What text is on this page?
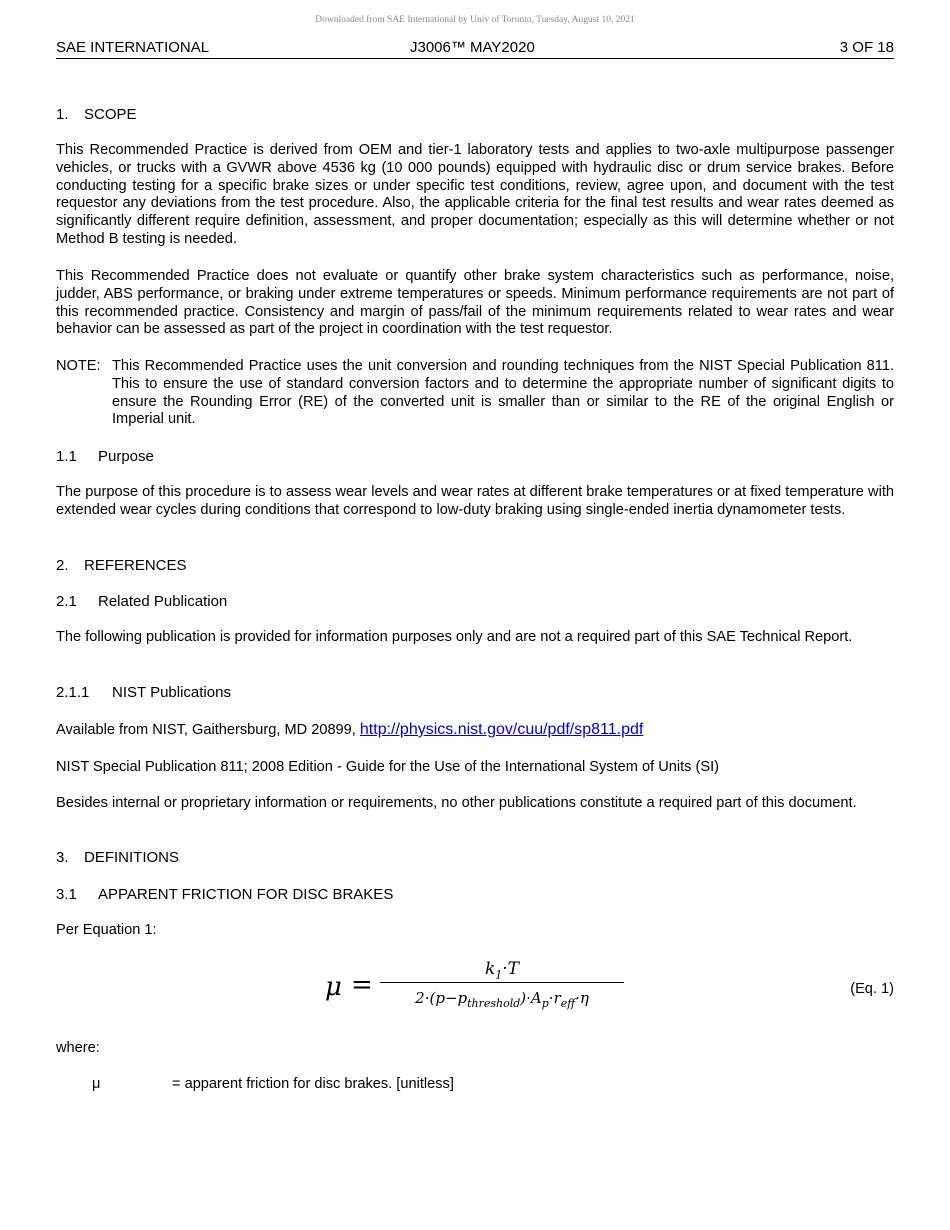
Downloaded from SAE International by Univ of Toronto, Tuesday, August 10, 2021
SAE INTERNATIONAL	J3006™ MAY2020	3 OF 18
1. SCOPE
This Recommended Practice is derived from OEM and tier-1 laboratory tests and applies to two-axle multipurpose passenger vehicles, or trucks with a GVWR above 4536 kg (10 000 pounds) equipped with hydraulic disc or drum service brakes. Before conducting testing for a specific brake sizes or under specific test conditions, review, agree upon, and document with the test requestor any deviations from the test procedure. Also, the applicable criteria for the final test results and wear rates deemed as significantly different require definition, assessment, and proper documentation; especially as this will determine whether or not Method B testing is needed.
This Recommended Practice does not evaluate or quantify other brake system characteristics such as performance, noise, judder, ABS performance, or braking under extreme temperatures or speeds. Minimum performance requirements are not part of this recommended practice. Consistency and margin of pass/fail of the minimum requirements related to wear rates and wear behavior can be assessed as part of the project in coordination with the test requestor.
NOTE: This Recommended Practice uses the unit conversion and rounding techniques from the NIST Special Publication 811. This to ensure the use of standard conversion factors and to determine the appropriate number of significant digits to ensure the Rounding Error (RE) of the converted unit is smaller than or similar to the RE of the original English or Imperial unit.
1.1 Purpose
The purpose of this procedure is to assess wear levels and wear rates at different brake temperatures or at fixed temperature with extended wear cycles during conditions that correspond to low-duty braking using single-ended inertia dynamometer tests.
2. REFERENCES
2.1 Related Publication
The following publication is provided for information purposes only and are not a required part of this SAE Technical Report.
2.1.1 NIST Publications
Available from NIST, Gaithersburg, MD 20899, http://physics.nist.gov/cuu/pdf/sp811.pdf
NIST Special Publication 811; 2008 Edition - Guide for the Use of the International System of Units (SI)
Besides internal or proprietary information or requirements, no other publications constitute a required part of this document.
3. DEFINITIONS
3.1 APPARENT FRICTION FOR DISC BRAKES
Per Equation 1:
μ =
$k_1\cdot T$
$2\cdot(p-p_{threshold})\cdot A_p\cdot r_{eff}\cdot\eta$	(Eq. 1)
where:
μ	= apparent friction for disc brakes. [unitless]
